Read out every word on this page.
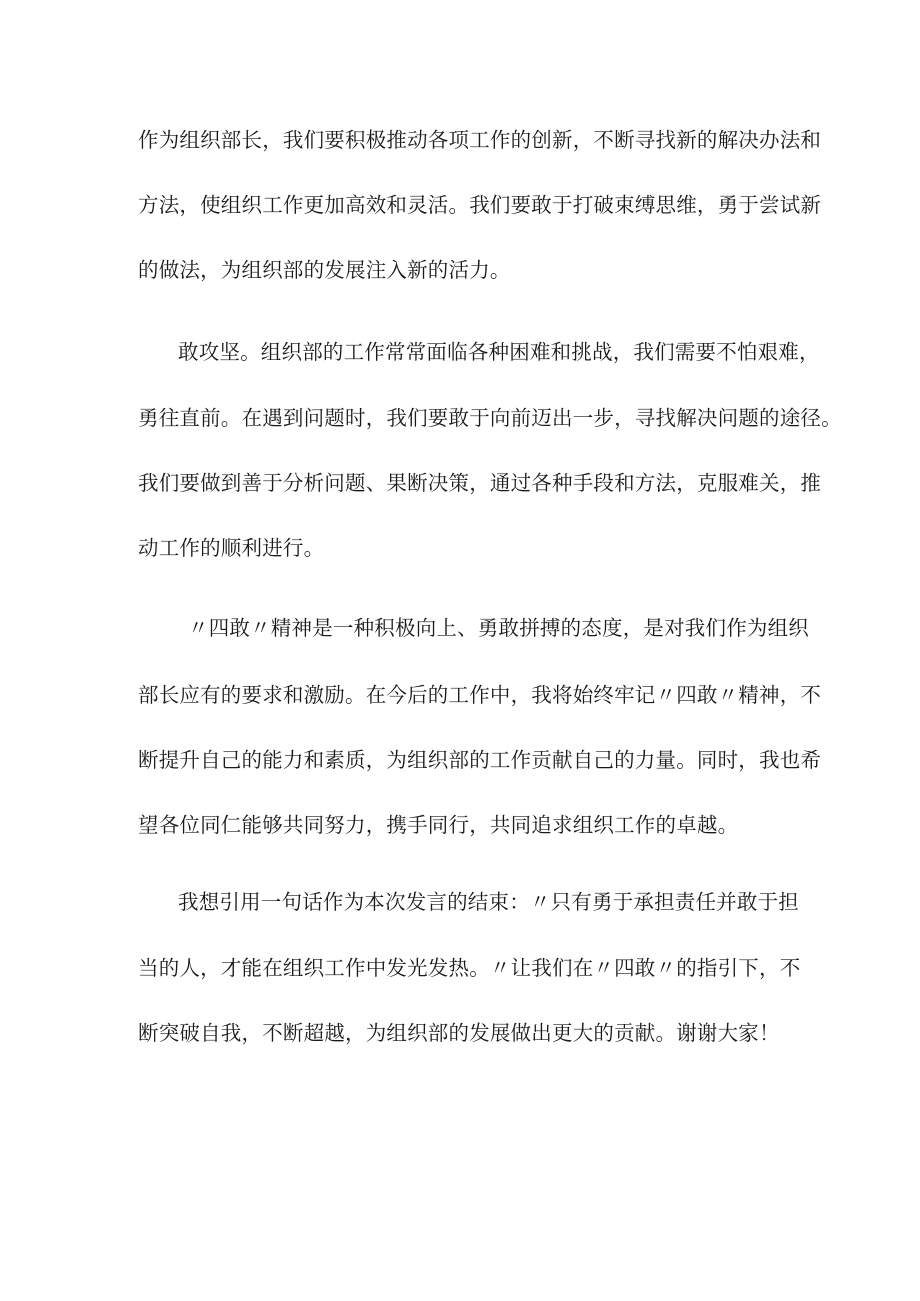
作为组织部长，我们要积极推动各项工作的创新，不断寻找新的解决办法和
方法，使组织工作更加高效和灵活。我们要敢于打破束缚思维，勇于尝试新
的做法，为组织部的发展注入新的活力。
敢攻坚。组织部的工作常常面临各种困难和挑战，我们需要不怕艰难，
勇往直前。在遇到问题时，我们要敢于向前迈出一步，寻找解决问题的途径。
我们要做到善于分析问题、果断决策，通过各种手段和方法，克服难关，推
动工作的顺利进行。
〃四敢〃精神是一种积极向上、勇敢拼搏的态度，是对我们作为组织
部长应有的要求和激励。在今后的工作中，我将始终牢记〃四敢〃精神，不
断提升自己的能力和素质，为组织部的工作贡献自己的力量。同时，我也希
望各位同仁能够共同努力，携手同行，共同追求组织工作的卓越。
我想引用一句话作为本次发言的结束：〃只有勇于承担责任并敢于担
当的人，才能在组织工作中发光发热。〃让我们在〃四敢〃的指引下，不
断突破自我，不断超越，为组织部的发展做出更大的贡献。谢谢大家！
